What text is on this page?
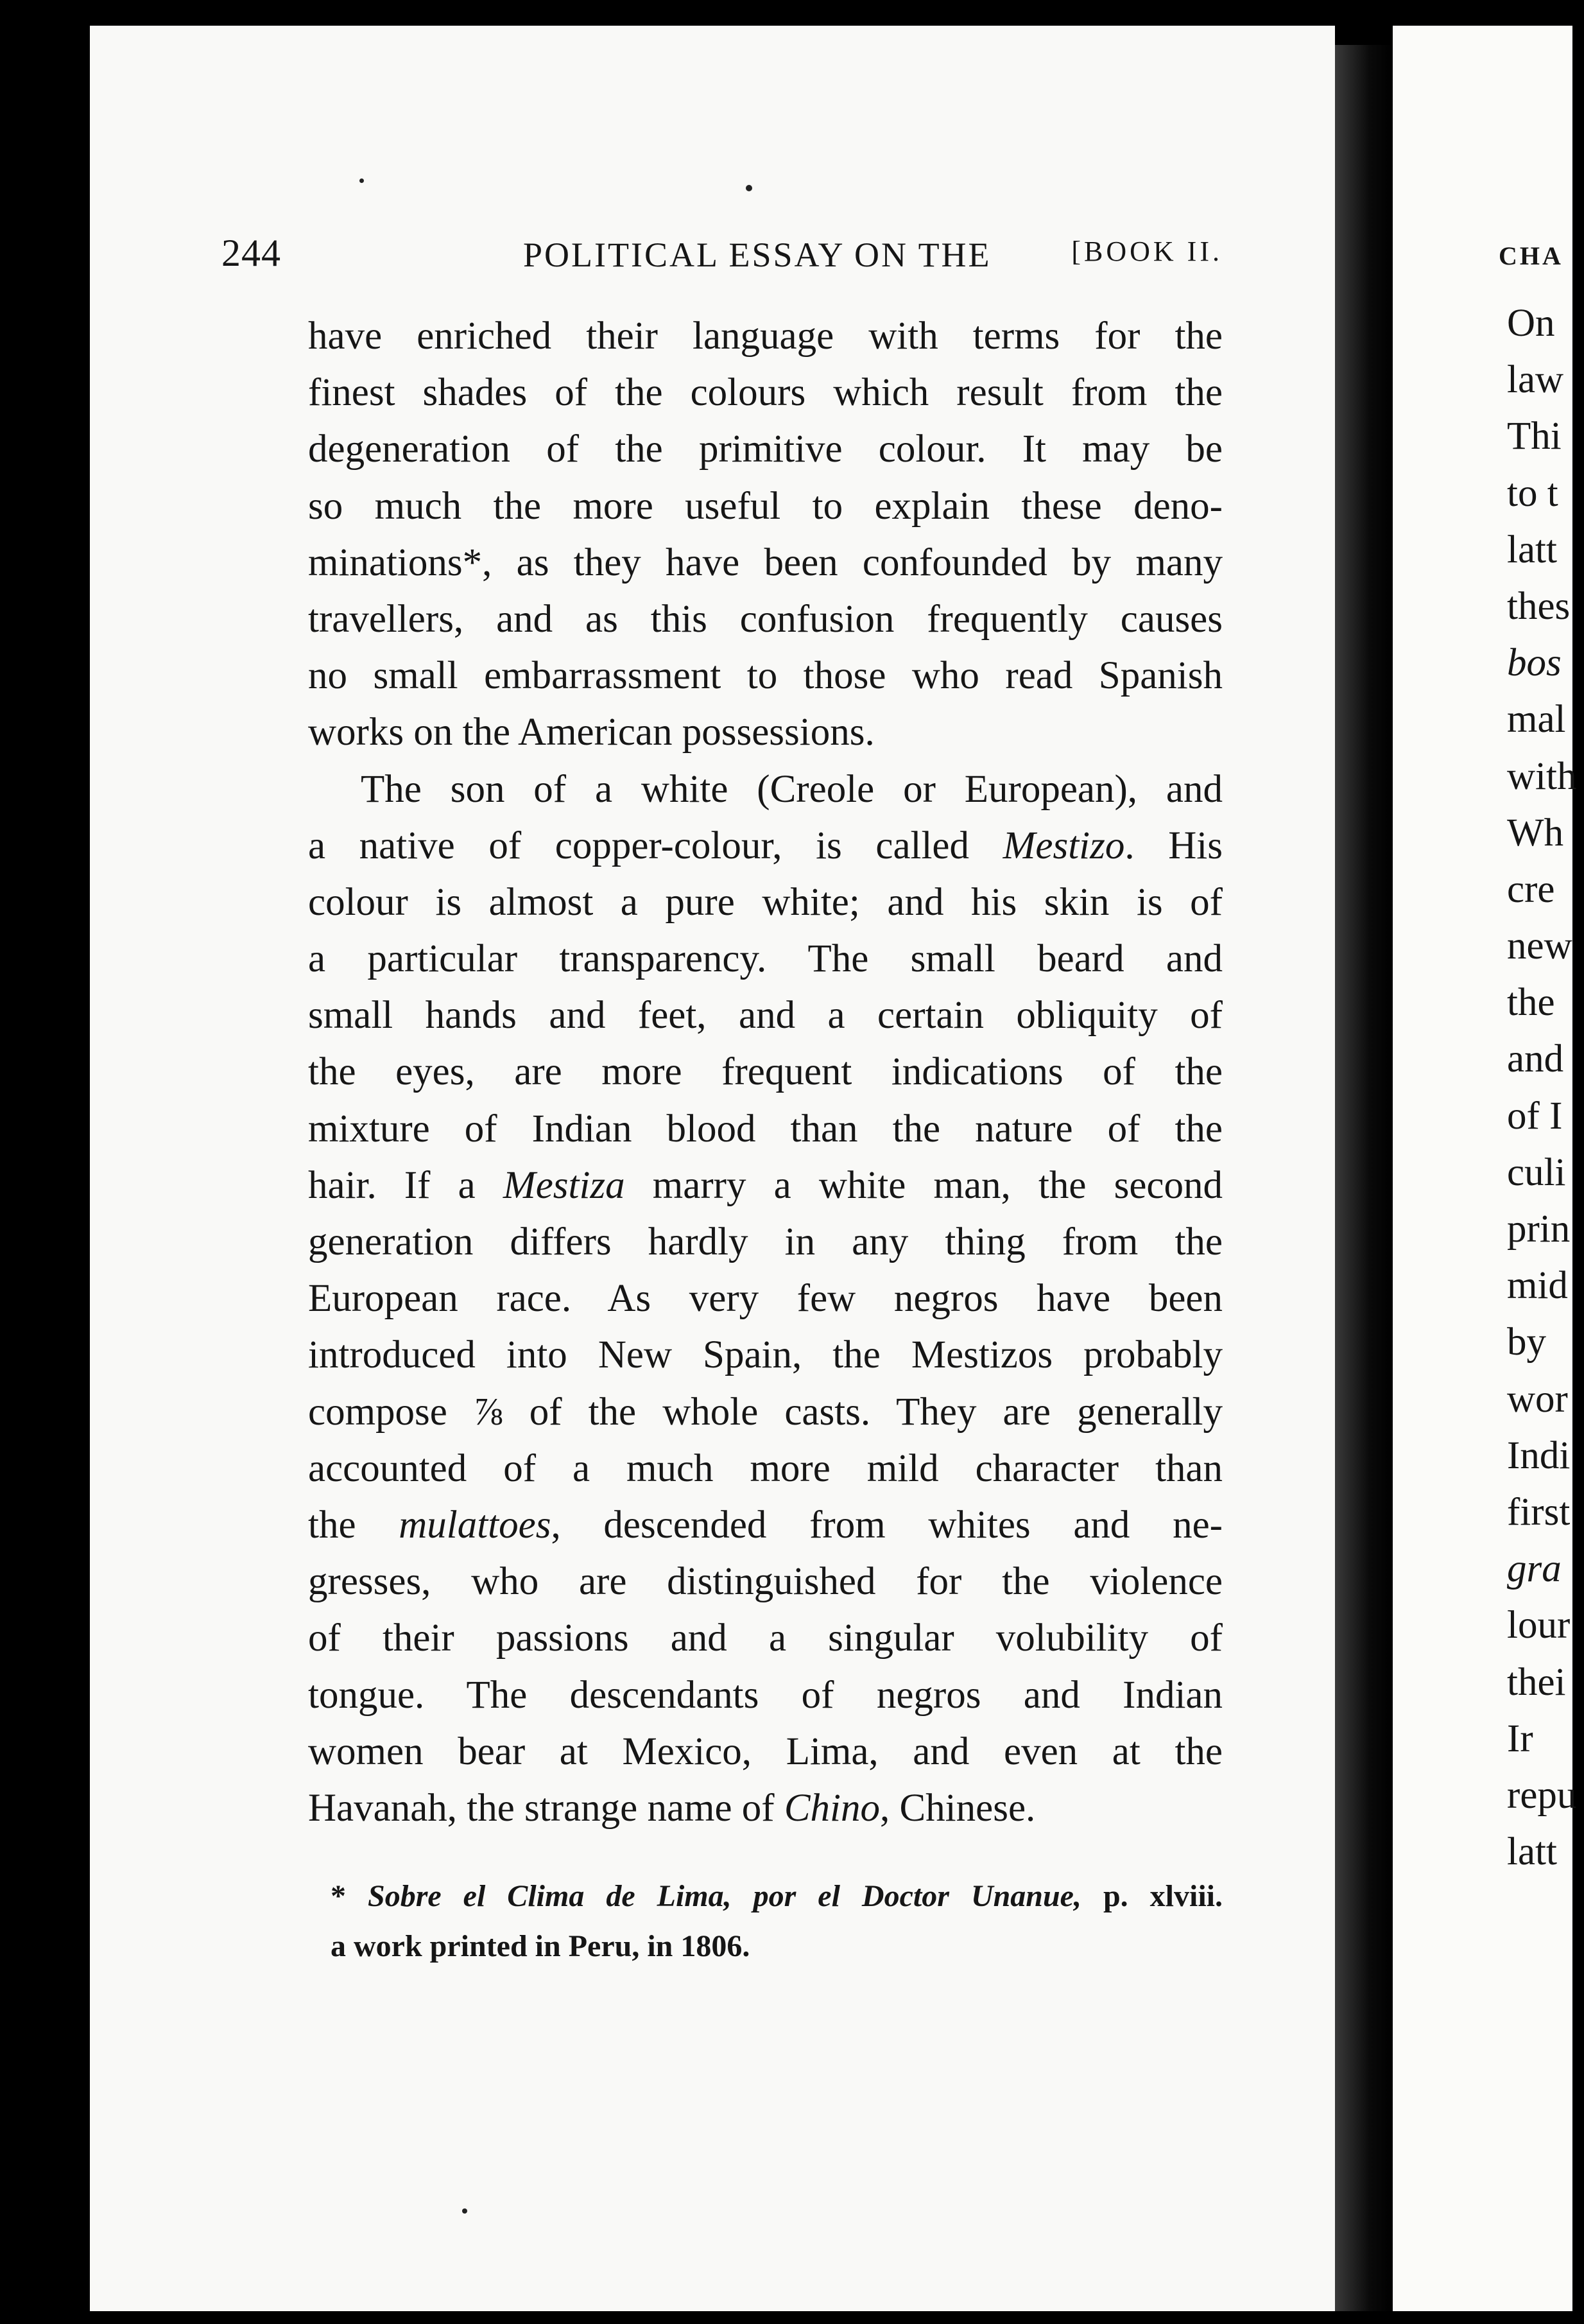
244	POLITICAL ESSAY ON THE	[BOOK II.
have enriched their language with terms for the
finest shades of the colours which result from the
degeneration of the primitive colour. It may be
so much the more useful to explain these deno-
minations*, as they have been confounded by many
travellers, and as this confusion frequently causes
no small embarrassment to those who read Spanish
works on the American possessions.
The son of a white (Creole or European), and
a native of copper-colour, is called Mestizo. His
colour is almost a pure white; and his skin is of
a particular transparency. The small beard and
small hands and feet, and a certain obliquity of
the eyes, are more frequent indications of the
mixture of Indian blood than the nature of the
hair. If a Mestiza marry a white man, the second
generation differs hardly in any thing from the
European race. As very few negros have been
introduced into New Spain, the Mestizos probably
compose ⅞ of the whole casts. They are generally
accounted of a much more mild character than
the mulattoes, descended from whites and ne-
gresses, who are distinguished for the violence
of their passions and a singular volubility of
tongue. The descendants of negros and Indian
women bear at Mexico, Lima, and even at the
Havanah, the strange name of Chino, Chinese.
* Sobre el Clima de Lima, por el Doctor Unanue, p. xlviii.
a work printed in Peru, in 1806.
CHA
On
law
Thi
to t
latt
thes
bos
mal
with
Wh
cre
new
the
and
of I
culi
prin
mid
by
wor
Indi
first
gra
lour
thei
Ir
repu
latt
